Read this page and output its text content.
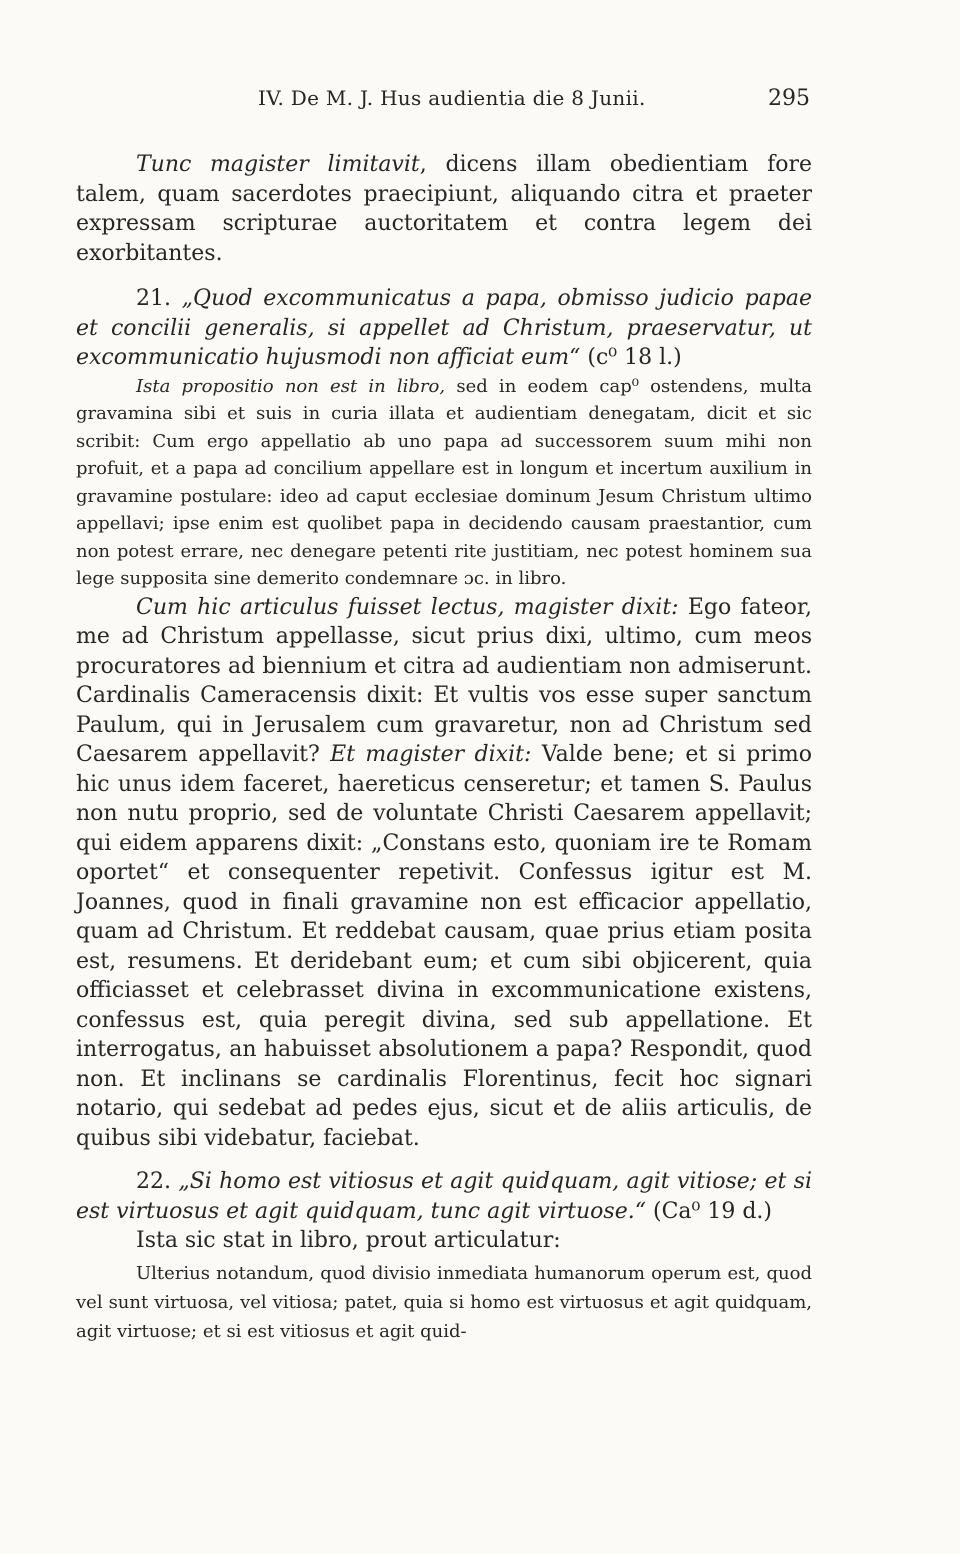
IV. De M. J. Hus audientia die 8 Junii.	295

Tunc magister limitavit, dicens illam obedientiam fore talem, quam sacerdotes praecipiunt, aliquando citra et praeter expressam scripturae auctoritatem et contra legem dei exorbitantes.

21. „Quod excommunicatus a papa, obmisso judicio papae et concilii generalis, si appellet ad Christum, praeservatur, ut excommunicatio hujusmodi non afficiat eum“ (c⁰ 18 l.)

Ista propositio non est in libro, sed in eodem cap⁰ ostendens, multa gravamina sibi et suis in curia illata et audientiam denegatam, dicit et sic scribit: Cum ergo appellatio ab uno papa ad successorem suum mihi non profuit, et a papa ad concilium appellare est in longum et incertum auxilium in gravamine postulare: ideo ad caput ecclesiae dominum Jesum Christum ultimo appellavi; ipse enim est quolibet papa in decidendo causam praestantior, cum non potest errare, nec denegare petenti rite justitiam, nec potest hominem sua lege supposita sine demerito condemnare ɔc. in libro.

Cum hic articulus fuisset lectus, magister dixit: Ego fateor, me ad Christum appellasse, sicut prius dixi, ultimo, cum meos procuratores ad biennium et citra ad audientiam non admiserunt. Cardinalis Cameracensis dixit: Et vultis vos esse super sanctum Paulum, qui in Jerusalem cum gravaretur, non ad Christum sed Caesarem appellavit? Et magister dixit: Valde bene; et si primo hic unus idem faceret, haereticus censeretur; et tamen S. Paulus non nutu proprio, sed de voluntate Christi Caesarem appellavit; qui eidem apparens dixit: „Constans esto, quoniam ire te Romam oportet“ et consequenter repetivit. Confessus igitur est M. Joannes, quod in finali gravamine non est efficacior appellatio, quam ad Christum. Et reddebat causam, quae prius etiam posita est, resumens. Et deridebant eum; et cum sibi objicerent, quia officiasset et celebrasset divina in excommunicatione existens, confessus est, quia peregit divina, sed sub appellatione. Et interrogatus, an habuisset absolutionem a papa? Respondit, quod non. Et inclinans se cardinalis Florentinus, fecit hoc signari notario, qui sedebat ad pedes ejus, sicut et de aliis articulis, de quibus sibi videbatur, faciebat.

22. „Si homo est vitiosus et agit quidquam, agit vitiose; et si est virtuosus et agit quidquam, tunc agit virtuose.“ (Ca⁰ 19 d.)

Ista sic stat in libro, prout articulatur:

Ulterius notandum, quod divisio inmediata humanorum operum est, quod vel sunt virtuosa, vel vitiosa; patet, quia si homo est virtuosus et agit quidquam, agit virtuose; et si est vitiosus et agit quid-
